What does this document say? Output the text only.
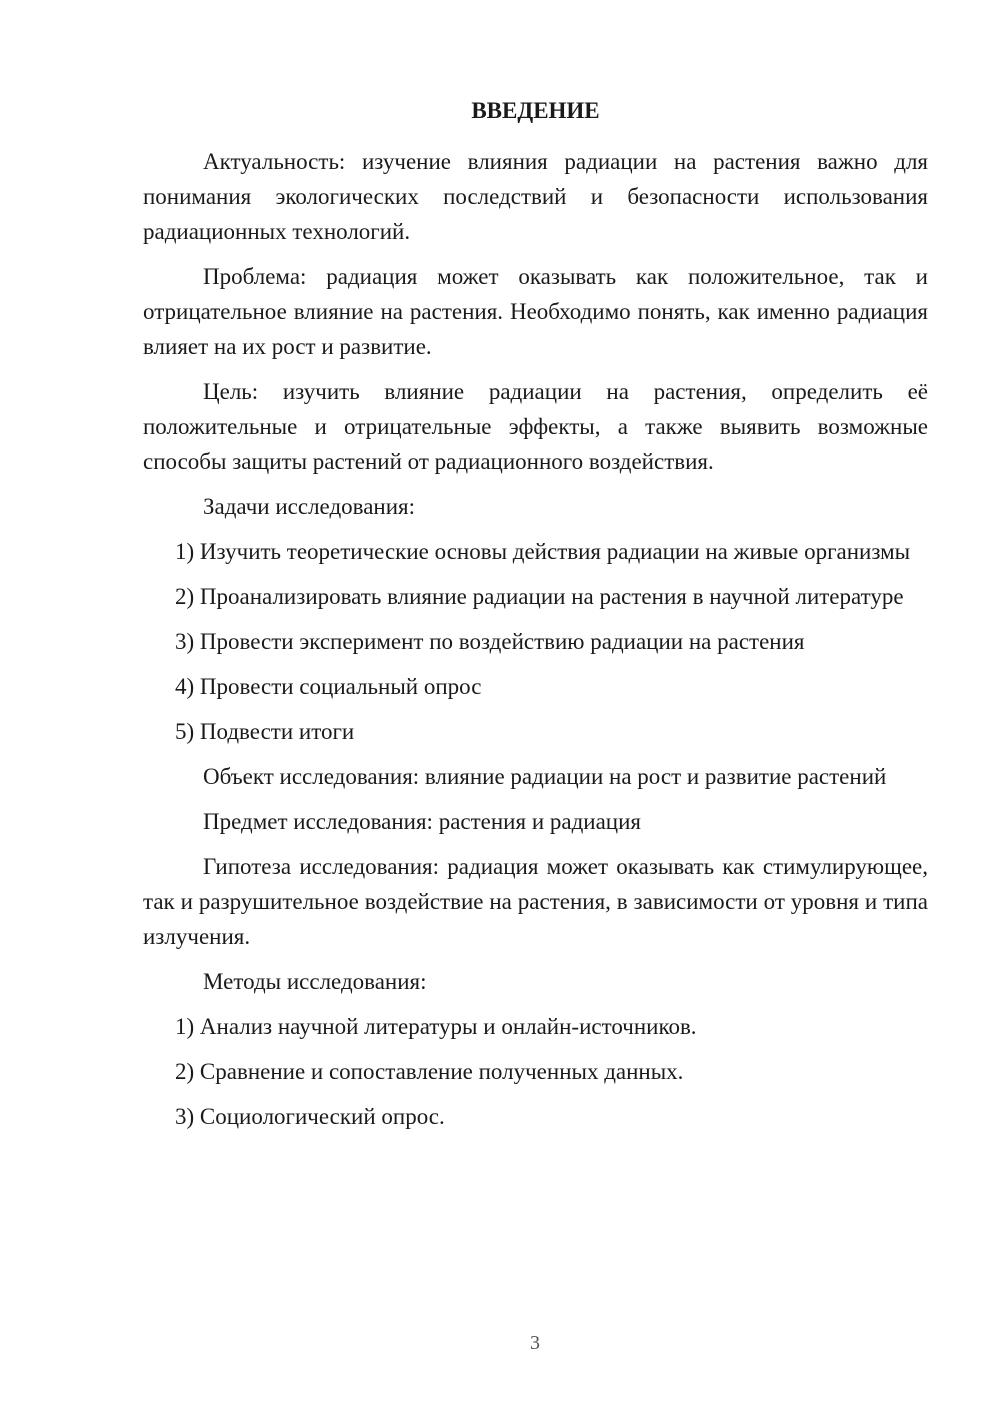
ВВЕДЕНИЕ

Актуальность: изучение влияния радиации на растения важно для понимания экологических последствий и безопасности использования радиационных технологий.

Проблема: радиация может оказывать как положительное, так и отрицательное влияние на растения. Необходимо понять, как именно радиация влияет на их рост и развитие.

Цель: изучить влияние радиации на растения, определить её положительные и отрицательные эффекты, а также выявить возможные способы защиты растений от радиационного воздействия.

Задачи исследования:

1) Изучить теоретические основы действия радиации на живые организмы

2) Проанализировать влияние радиации на растения в научной литературе

3) Провести эксперимент по воздействию радиации на растения

4) Провести социальный опрос

5) Подвести итоги

Объект исследования: влияние радиации на рост и развитие растений

Предмет исследования: растения и радиация

Гипотеза исследования: радиация может оказывать как стимулирующее, так и разрушительное воздействие на растения, в зависимости от уровня и типа излучения.

Методы исследования:

1) Анализ научной литературы и онлайн-источников.

2) Сравнение и сопоставление полученных данных.

3) Социологический опрос.

3
